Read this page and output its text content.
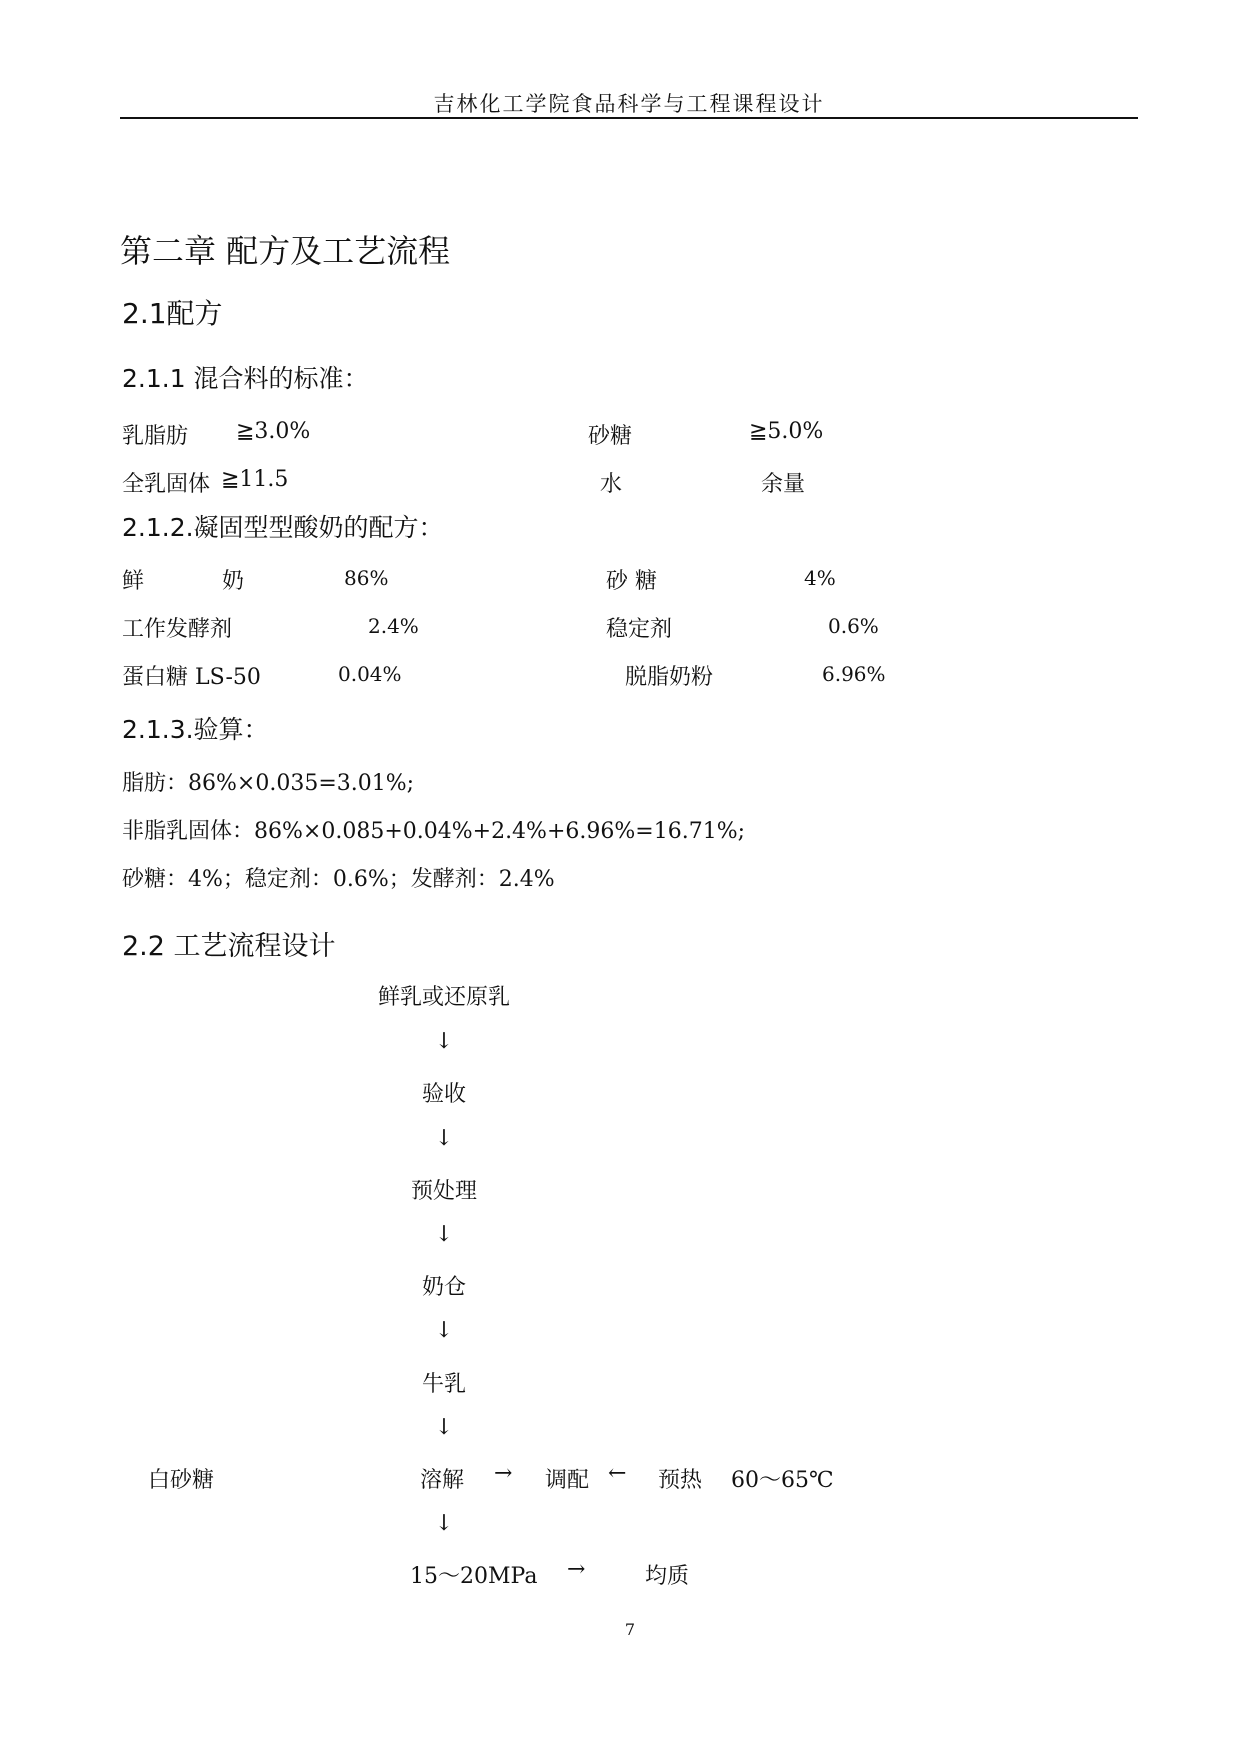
吉林化工学院食品科学与工程课程设计
第二章 配方及工艺流程
2.1配方
2.1.1 混合料的标准：
乳脂肪 ≧3.0%	砂糖	≧5.0%
全乳固体 ≧11.5	水	余量
2.1.2.凝固型型酸奶的配方：
鲜	奶	86%	砂 糖	4%
工作发酵剂	2.4%	稳定剂	0.6%
蛋白糖 LS-50	0.04%	脱脂奶粉	6.96%
2.1.3.验算：
脂肪：86%×0.035=3.01%;
非脂乳固体：86%×0.085+0.04%+2.4%+6.96%=16.71%;
砂糖：4%；稳定剂：0.6%；发酵剂：2.4%
2.2 工艺流程设计
鲜乳或还原乳
↓
验收
↓
预处理
↓
奶仓
↓
牛乳
↓
白砂糖	溶解 → 调配 ← 预热 60～65℃
↓
15～20MPa →	均质
7
